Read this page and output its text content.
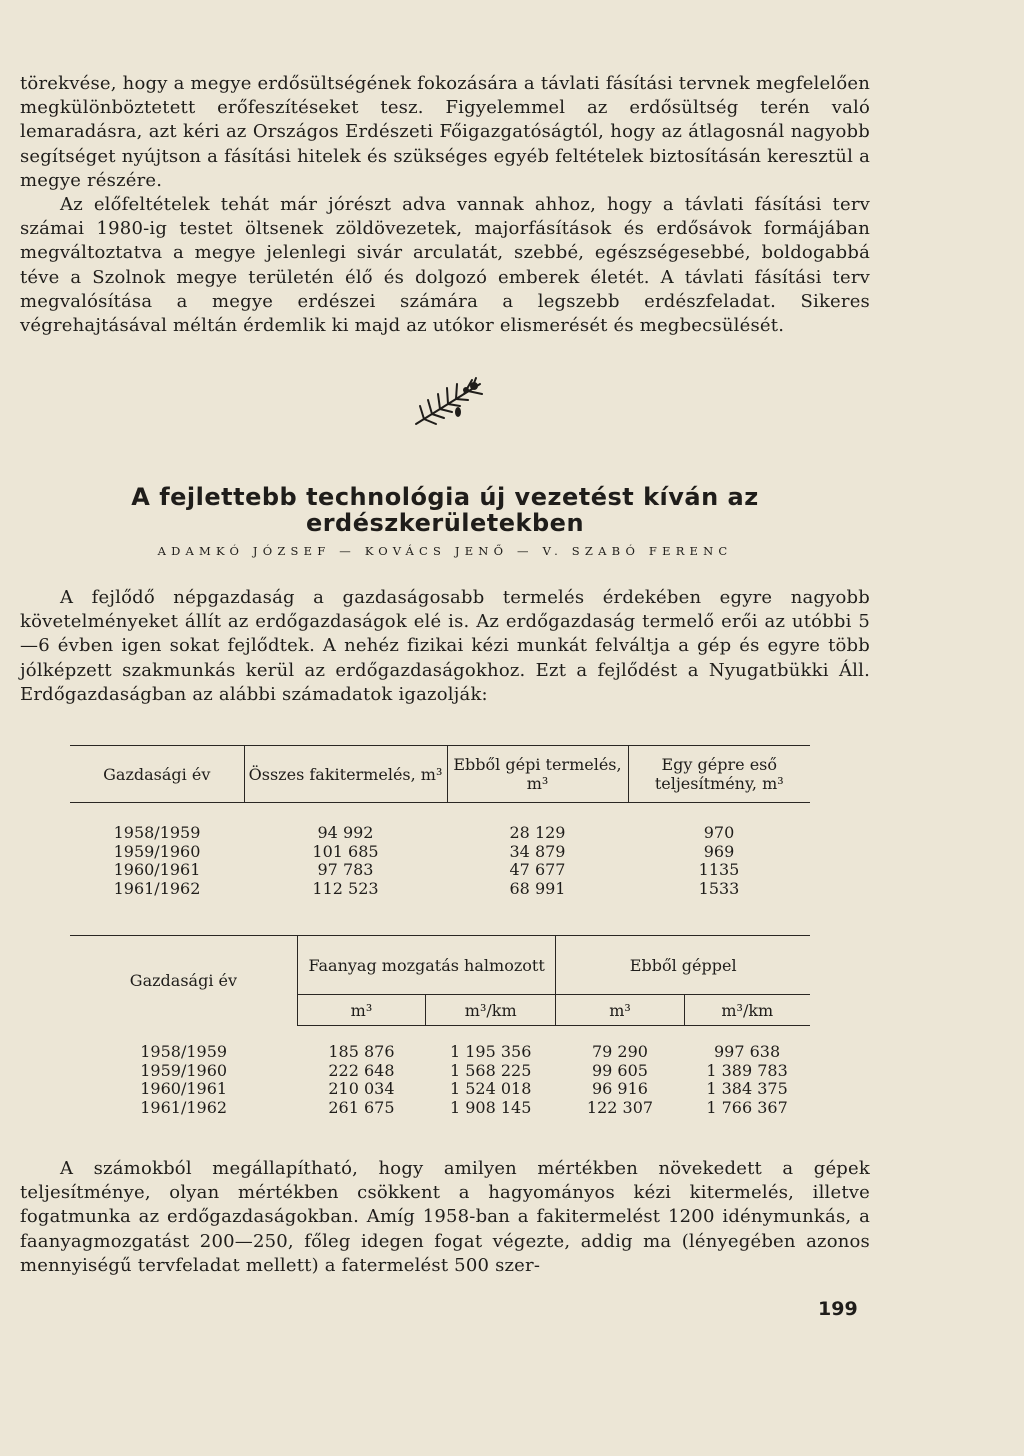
törekvése, hogy a megye erdősültségének fokozására a távlati fásítási tervnek megfelelően megkülönböztetett erőfeszítéseket tesz. Figyelemmel az erdősültség terén való lemaradásra, azt kéri az Országos Erdészeti Főigazgatóságtól, hogy az átlagosnál nagyobb segítséget nyújtson a fásítási hitelek és szükséges egyéb feltételek biztosításán keresztül a megye részére.
Az előfeltételek tehát már jórészt adva vannak ahhoz, hogy a távlati fásítási terv számai 1980-ig testet öltsenek zöldövezetek, majorfásítások és erdősávok formájában megváltoztatva a megye jelenlegi sivár arculatát, szebbé, egészségesebbé, boldogabbá téve a Szolnok megye területén élő és dolgozó emberek életét. A távlati fásítási terv megvalósítása a megye erdészei számára a legszebb erdészfeladat. Sikeres végrehajtásával méltán érdemlik ki majd az utókor elismerését és megbecsülését.

A fejlettebb technológia új vezetést kíván az erdészkerületekben

ADAMKÓ JÓZSEF — KOVÁCS JENŐ — V. SZABÓ FERENC

A fejlődő népgazdaság a gazdaságosabb termelés érdekében egyre nagyobb követelményeket állít az erdőgazdaságok elé is. Az erdőgazdaság termelő erői az utóbbi 5—6 évben igen sokat fejlődtek. A nehéz fizikai kézi munkát felváltja a gép és egyre több jólképzett szakmunkás kerül az erdőgazdaságokhoz. Ezt a fejlődést a Nyugatbükki Áll. Erdőgazdaságban az alábbi számadatok igazolják:

Gazdasági év	Összes fakitermelés, m³	Ebből gépi termelés, m³	Egy gépre eső teljesítmény, m³
1958/1959	94 992	28 129	970
1959/1960	101 685	34 879	969
1960/1961	97 783	47 677	1135
1961/1962	112 523	68 991	1533
Gazdasági év	Faanyag mozgatás halmozott		Ebből géppel	
	m³	m³/km	m³	m³/km
1958/1959	185 876	1 195 356	79 290	997 638
1959/1960	222 648	1 568 225	99 605	1 389 783
1960/1961	210 034	1 524 018	96 916	1 384 375
1961/1962	261 675	1 908 145	122 307	1 766 367

A számokból megállapítható, hogy amilyen mértékben növekedett a gépek teljesítménye, olyan mértékben csökkent a hagyományos kézi kitermelés, illetve fogatmunka az erdőgazdaságokban. Amíg 1958-ban a fakitermelést 1200 idénymunkás, a faanyagmozgatást 200—250, főleg idegen fogat végezte, addig ma (lényegében azonos mennyiségű tervfeladat mellett) a fatermelést 500 szer-

199
